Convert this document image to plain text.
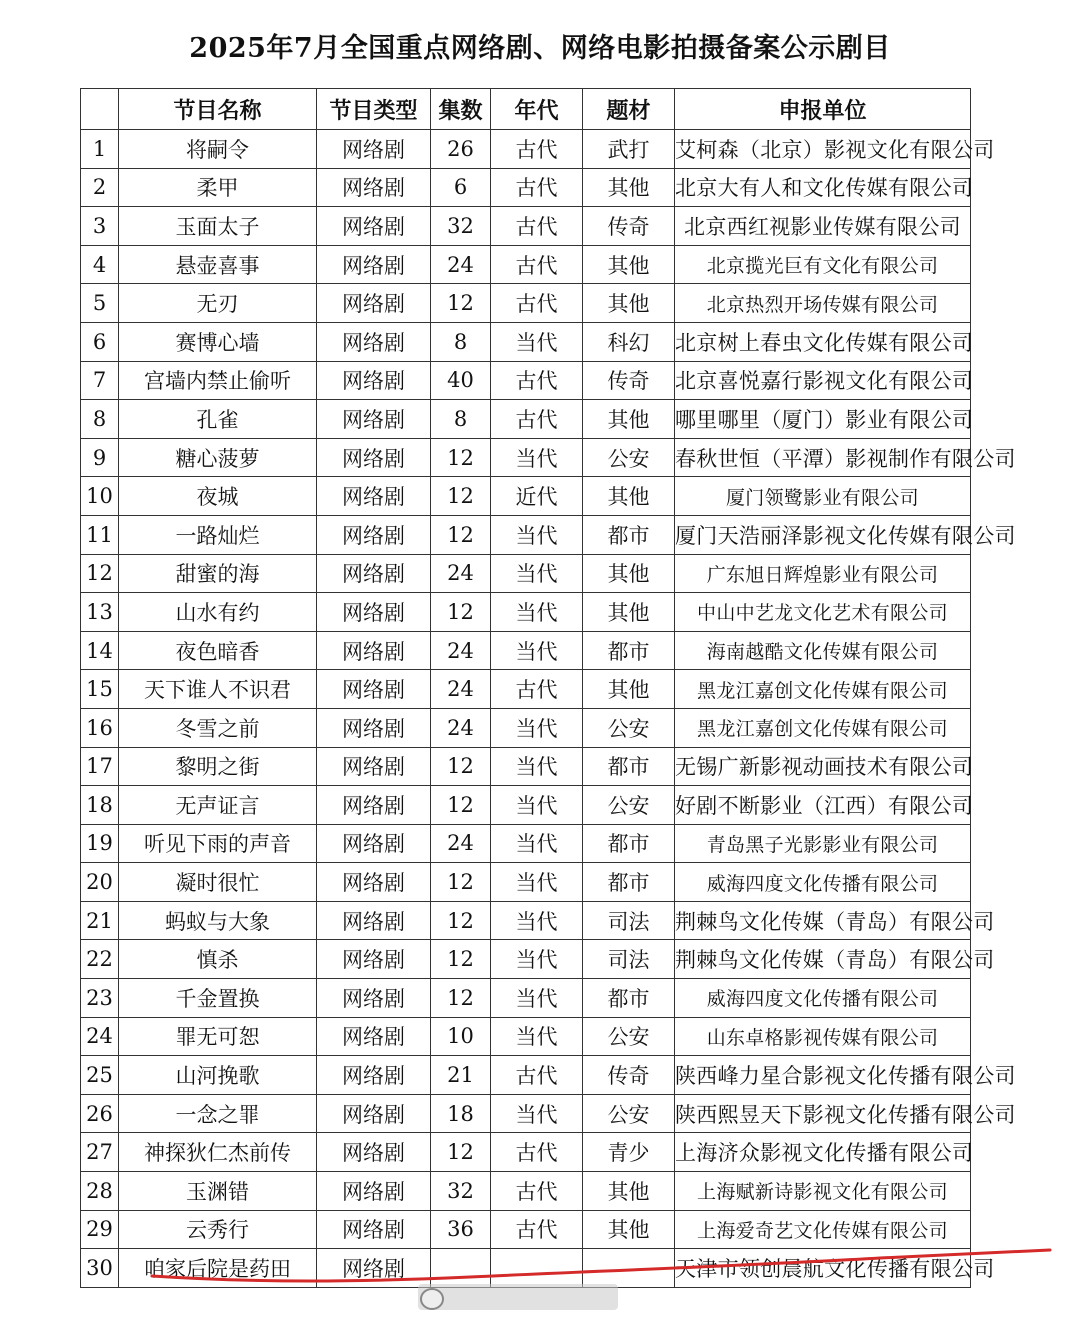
2025年7月全国重点网络剧、网络电影拍摄备案公示剧目
	节目名称	节目类型	集数	年代	题材	申报单位
1	将嗣令	网络剧	26	古代	武打	艾柯森（北京）影视文化有限公司
2	柔甲	网络剧	6	古代	其他	北京大有人和文化传媒有限公司
3	玉面太子	网络剧	32	古代	传奇	北京西红视影业传媒有限公司
4	悬壶喜事	网络剧	24	古代	其他	北京揽光巨有文化有限公司
5	无刃	网络剧	12	古代	其他	北京热烈开场传媒有限公司
6	赛博心墙	网络剧	8	当代	科幻	北京树上春虫文化传媒有限公司
7	宫墙内禁止偷听	网络剧	40	古代	传奇	北京喜悦嘉行影视文化有限公司
8	孔雀	网络剧	8	古代	其他	哪里哪里（厦门）影业有限公司
9	糖心菠萝	网络剧	12	当代	公安	春秋世恒（平潭）影视制作有限公司
10	夜城	网络剧	12	近代	其他	厦门领鹭影业有限公司
11	一路灿烂	网络剧	12	当代	都市	厦门天浩丽泽影视文化传媒有限公司
12	甜蜜的海	网络剧	24	当代	其他	广东旭日辉煌影业有限公司
13	山水有约	网络剧	12	当代	其他	中山中艺龙文化艺术有限公司
14	夜色暗香	网络剧	24	当代	都市	海南越酷文化传媒有限公司
15	天下谁人不识君	网络剧	24	古代	其他	黑龙江嘉创文化传媒有限公司
16	冬雪之前	网络剧	24	当代	公安	黑龙江嘉创文化传媒有限公司
17	黎明之街	网络剧	12	当代	都市	无锡广新影视动画技术有限公司
18	无声证言	网络剧	12	当代	公安	好剧不断影业（江西）有限公司
19	听见下雨的声音	网络剧	24	当代	都市	青岛黑子光影影业有限公司
20	凝时很忙	网络剧	12	当代	都市	威海四度文化传播有限公司
21	蚂蚁与大象	网络剧	12	当代	司法	荆棘鸟文化传媒（青岛）有限公司
22	慎杀	网络剧	12	当代	司法	荆棘鸟文化传媒（青岛）有限公司
23	千金置换	网络剧	12	当代	都市	威海四度文化传播有限公司
24	罪无可恕	网络剧	10	当代	公安	山东卓格影视传媒有限公司
25	山河挽歌	网络剧	21	古代	传奇	陕西峰力星合影视文化传播有限公司
26	一念之罪	网络剧	18	当代	公安	陕西熙昱天下影视文化传播有限公司
27	神探狄仁杰前传	网络剧	12	古代	青少	上海济众影视文化传播有限公司
28	玉渊错	网络剧	32	古代	其他	上海赋新诗影视文化有限公司
29	云秀行	网络剧	36	古代	其他	上海爱奇艺文化传媒有限公司
30	咱家后院是药田	网络剧				天津市领创晨航文化传播有限公司
